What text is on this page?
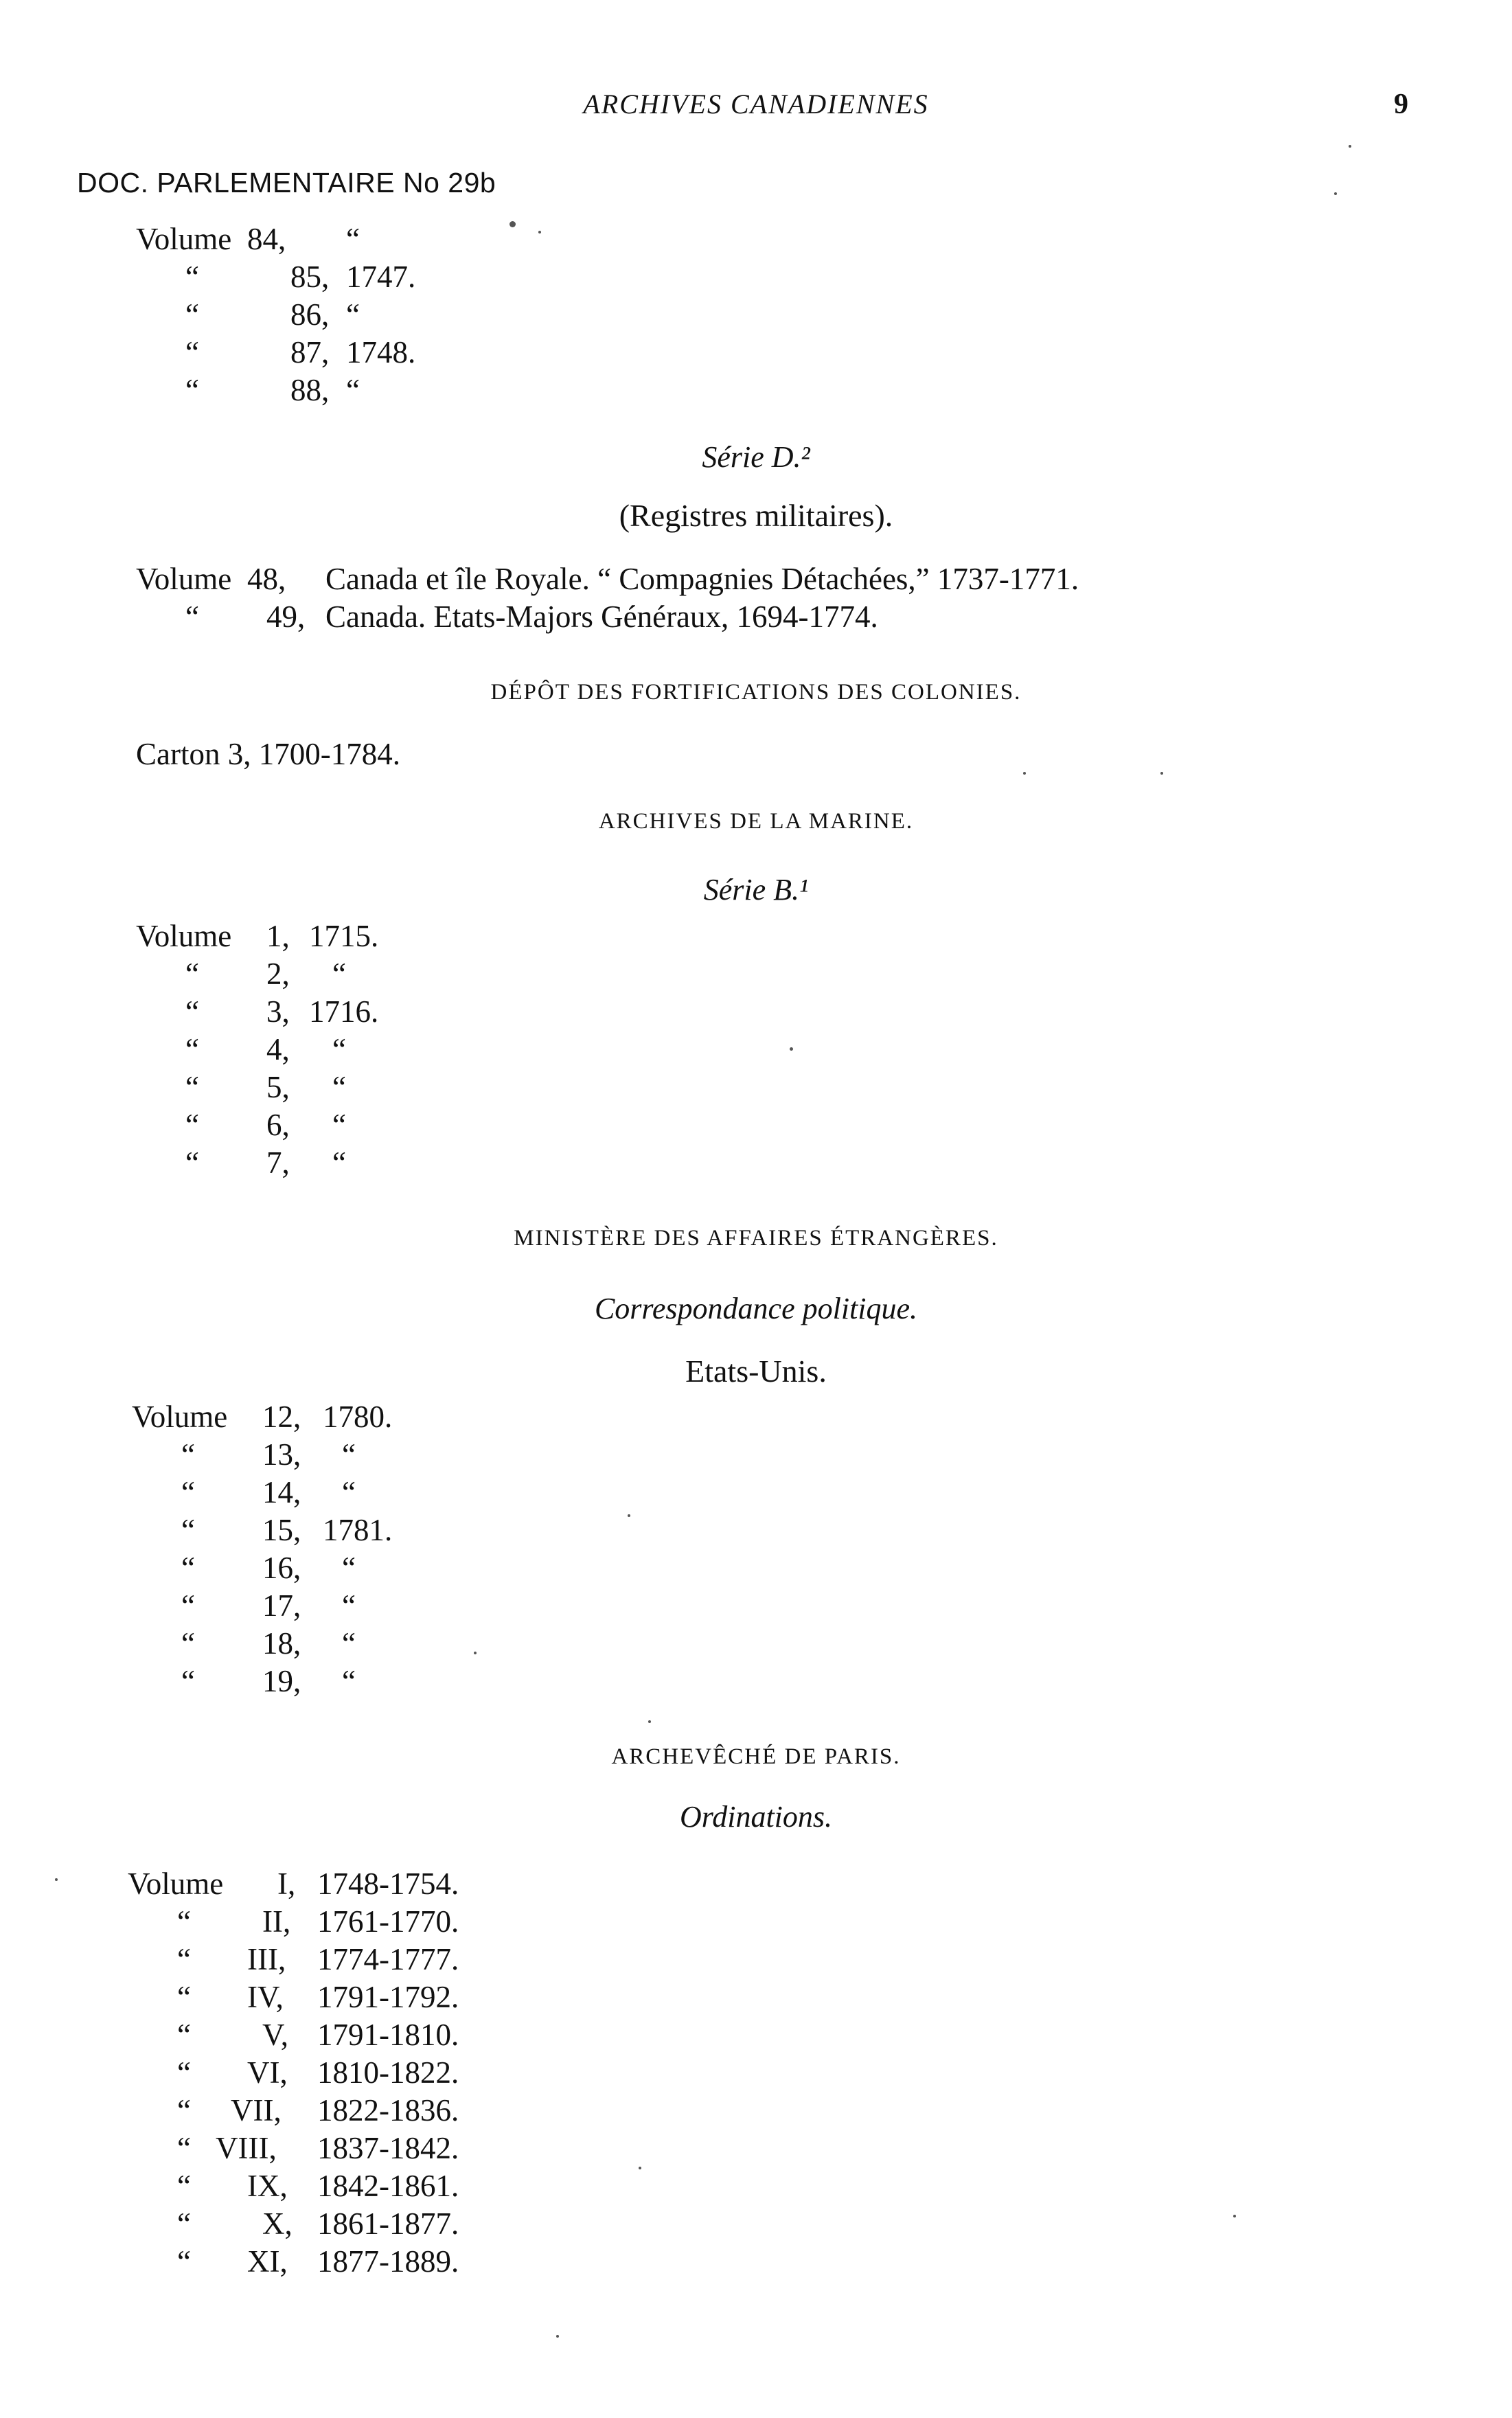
ARCHIVES CANADIENNES	9
DOC. PARLEMENTAIRE No 29b
Volume 84, “
“	85, 1747.
“	86, “
“	87, 1748.
“	88, “
Série D.²
(Registres militaires).
Volume 48, Canada et île Royale. “ Compagnies Détachées,” 1737-1771.
“ 49, Canada. Etats-Majors Généraux, 1694-1774.
DÉPÔT DES FORTIFICATIONS DES COLONIES.
Carton 3, 1700-1784.
ARCHIVES DE LA MARINE.
Série B.¹
Volume 1, 1715.
“ 2, “
“ 3, 1716.
“ 4, “
“ 5, “
“ 6, “
“ 7, “
MINISTÈRE DES AFFAIRES ÉTRANGÈRES.
Correspondance politique.
Etats-Unis.
Volume 12, 1780.
“ 13, “
“ 14, “
“ 15, 1781.
“ 16, “
“ 17, “
“ 18, “
“ 19, “
ARCHEVÊCHÉ DE PARIS.
Ordinations.
Volume I, 1748-1754.
“ II, 1761-1770.
“ III, 1774-1777.
“ IV, 1791-1792.
“ V, 1791-1810.
“ VI, 1810-1822.
“ VII, 1822-1836.
“ VIII, 1837-1842.
“ IX, 1842-1861.
“ X, 1861-1877.
“ XI, 1877-1889.
